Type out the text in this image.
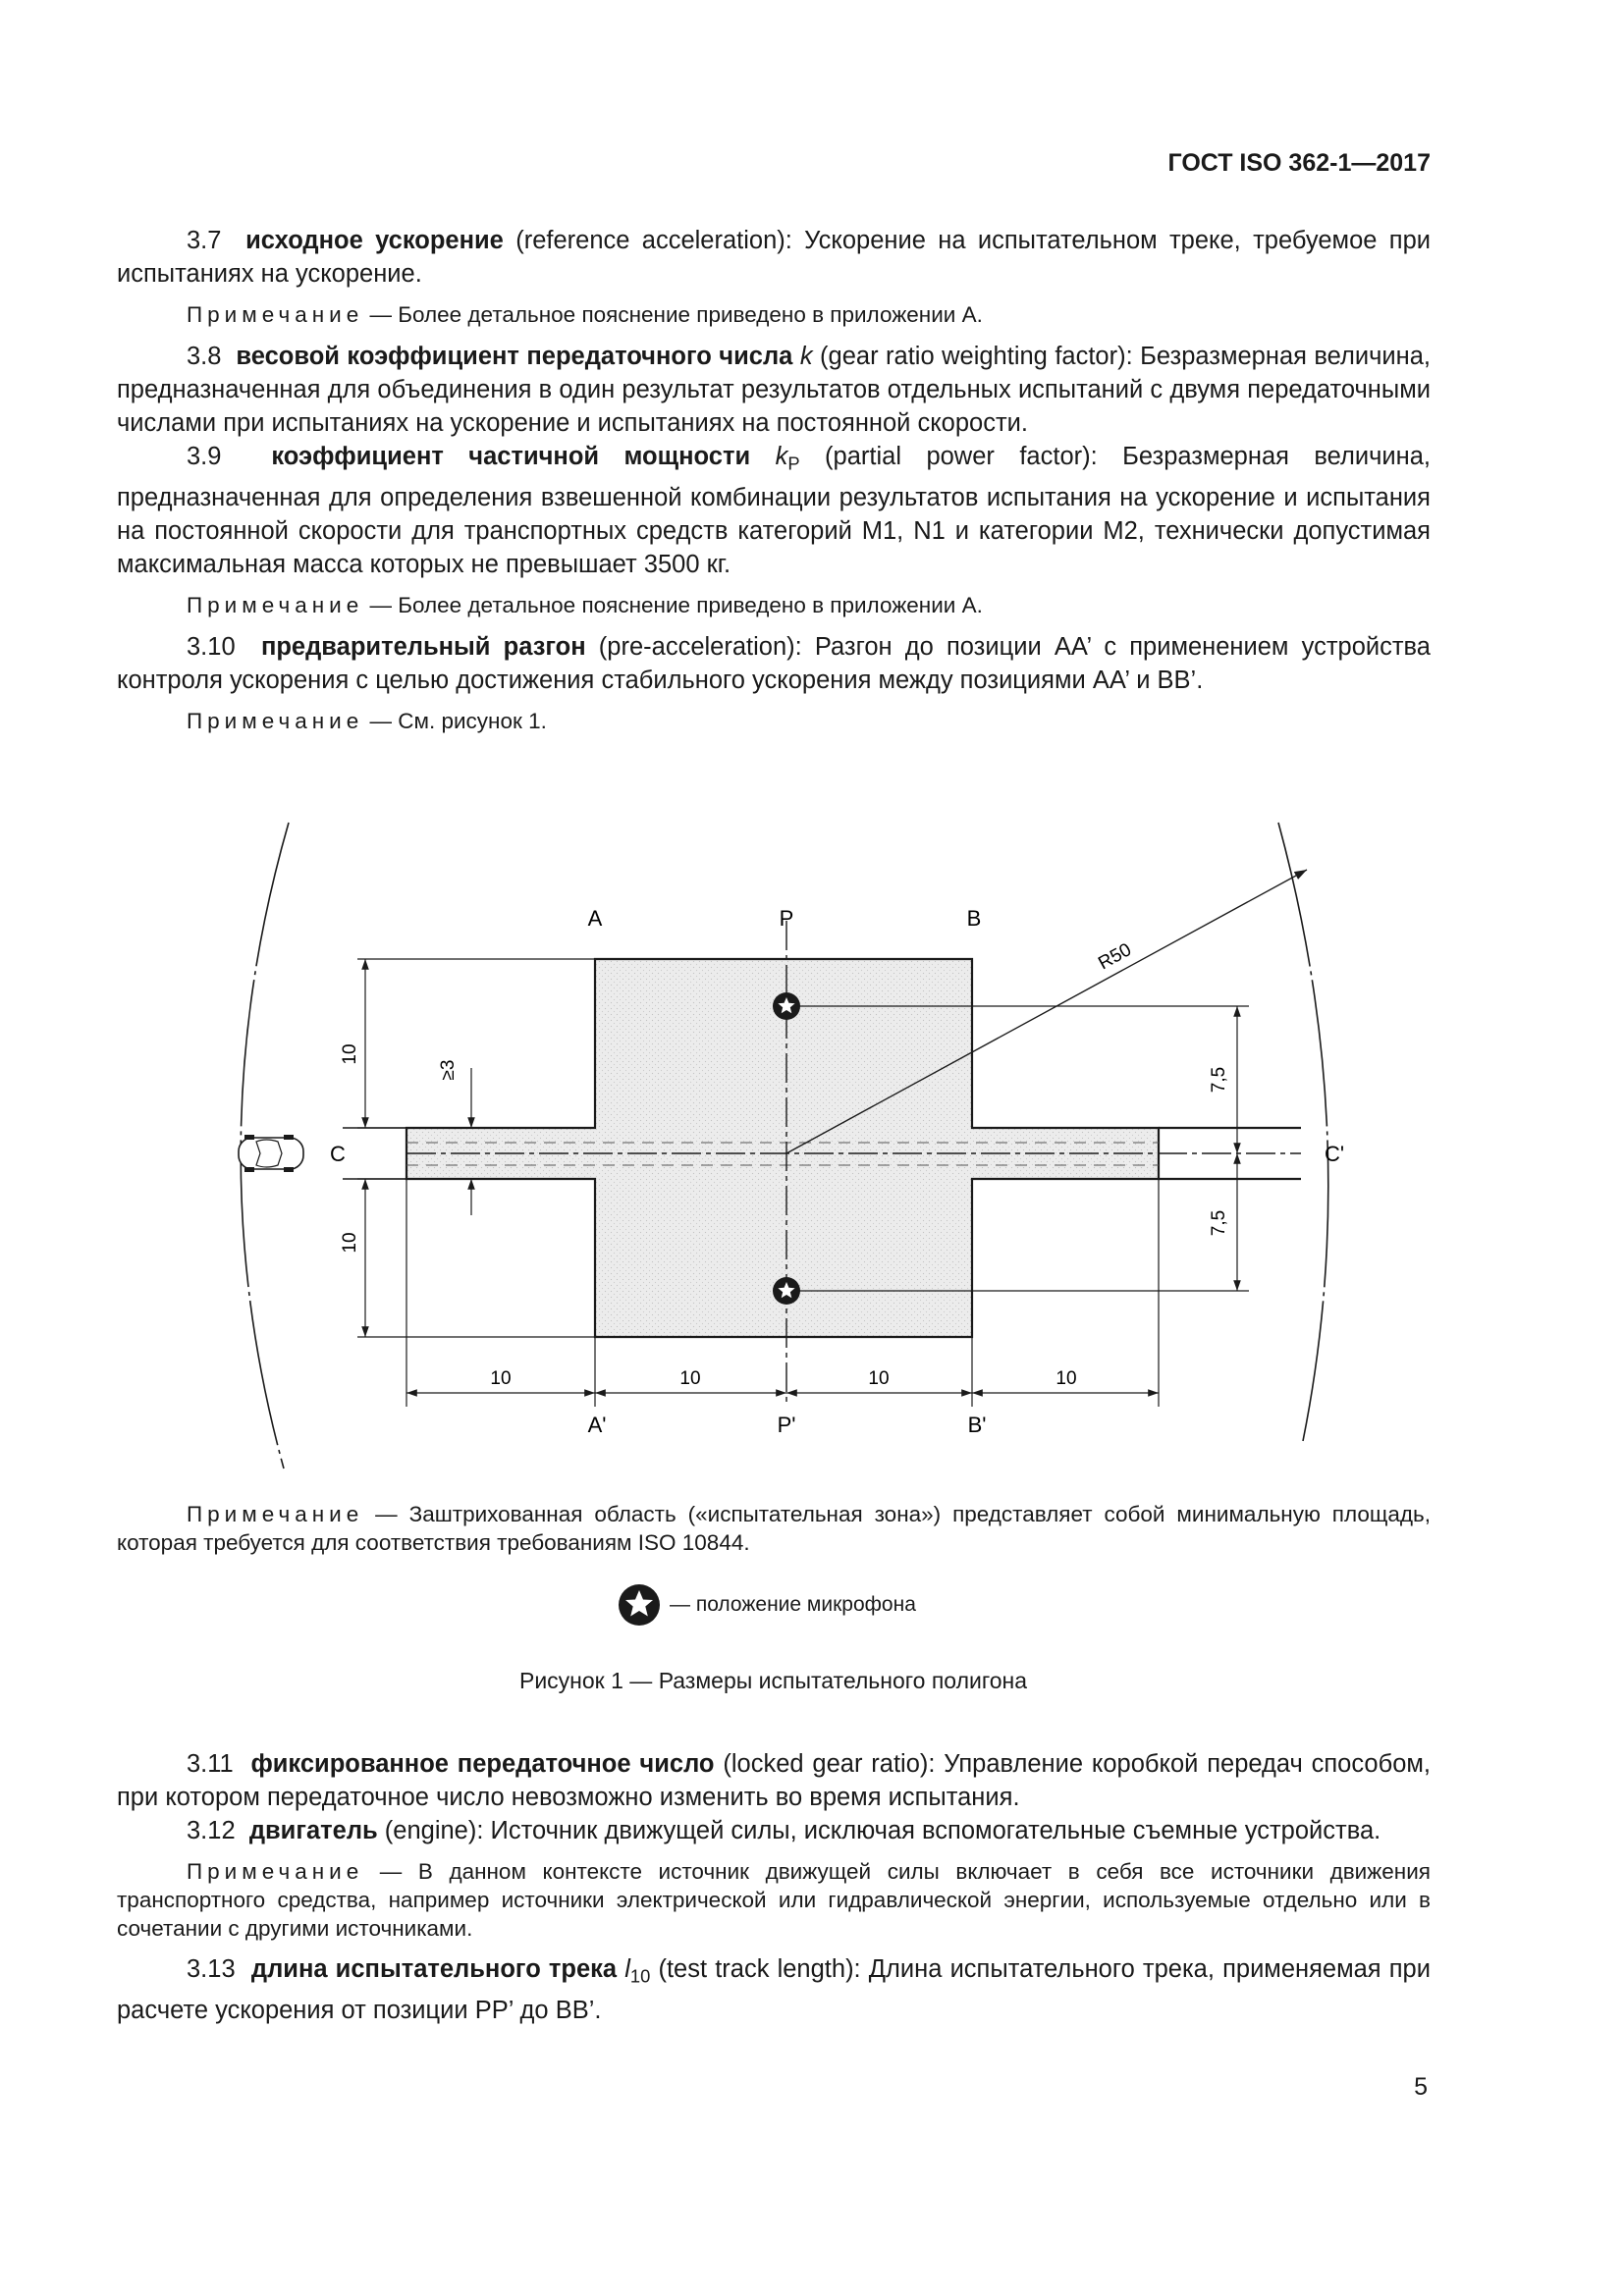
ГОСТ ISO 362-1—2017

3.7 исходное ускорение (reference acceleration): Ускорение на испытательном треке, требуемое при испытаниях на ускорение.

Примечание — Более детальное пояснение приведено в приложении А.

3.8 весовой коэффициент передаточного числа k (gear ratio weighting factor): Безразмерная величина, предназначенная для объединения в один результат результатов отдельных испытаний с двумя передаточными числами при испытаниях на ускорение и испытаниях на постоянной скорости.

3.9 коэффициент частичной мощности $k_P$ (partial power factor): Безразмерная величина, предназначенная для определения взвешенной комбинации результатов испытания на ускорение и испытания на постоянной скорости для транспортных средств категорий M1, N1 и категории M2, технически допустимая максимальная масса которых не превышает 3500 кг.

Примечание — Более детальное пояснение приведено в приложении А.

3.10 предварительный разгон (pre-acceleration): Разгон до позиции АА’ с применением устройства контроля ускорения с целью достижения стабильного ускорения между позициями АА’ и ВВ’.

Примечание — См. рисунок 1.

R50
A	P	B
A'	P'	B'
C	C'
10
10
≥3	7,5
7,5
10	10	10	10

Примечание — Заштрихованная область («испытательная зона») представляет собой минимальную площадь, которая требуется для соответствия требованиям ISO 10844.

— положение микрофона
Рисунок 1 — Размеры испытательного полигона

3.11 фиксированное передаточное число (locked gear ratio): Управление коробкой передач способом, при котором передаточное число невозможно изменить во время испытания.

3.12 двигатель (engine): Источник движущей силы, исключая вспомогательные съемные устройства.

Примечание — В данном контексте источник движущей силы включает в себя все источники движения транспортного средства, например источники электрической или гидравлической энергии, используемые отдельно или в сочетании с другими источниками.

3.13 длина испытательного трека $l_{10}$ (test track length): Длина испытательного трека, применяемая при расчете ускорения от позиции PP’ до ВВ’.

5
